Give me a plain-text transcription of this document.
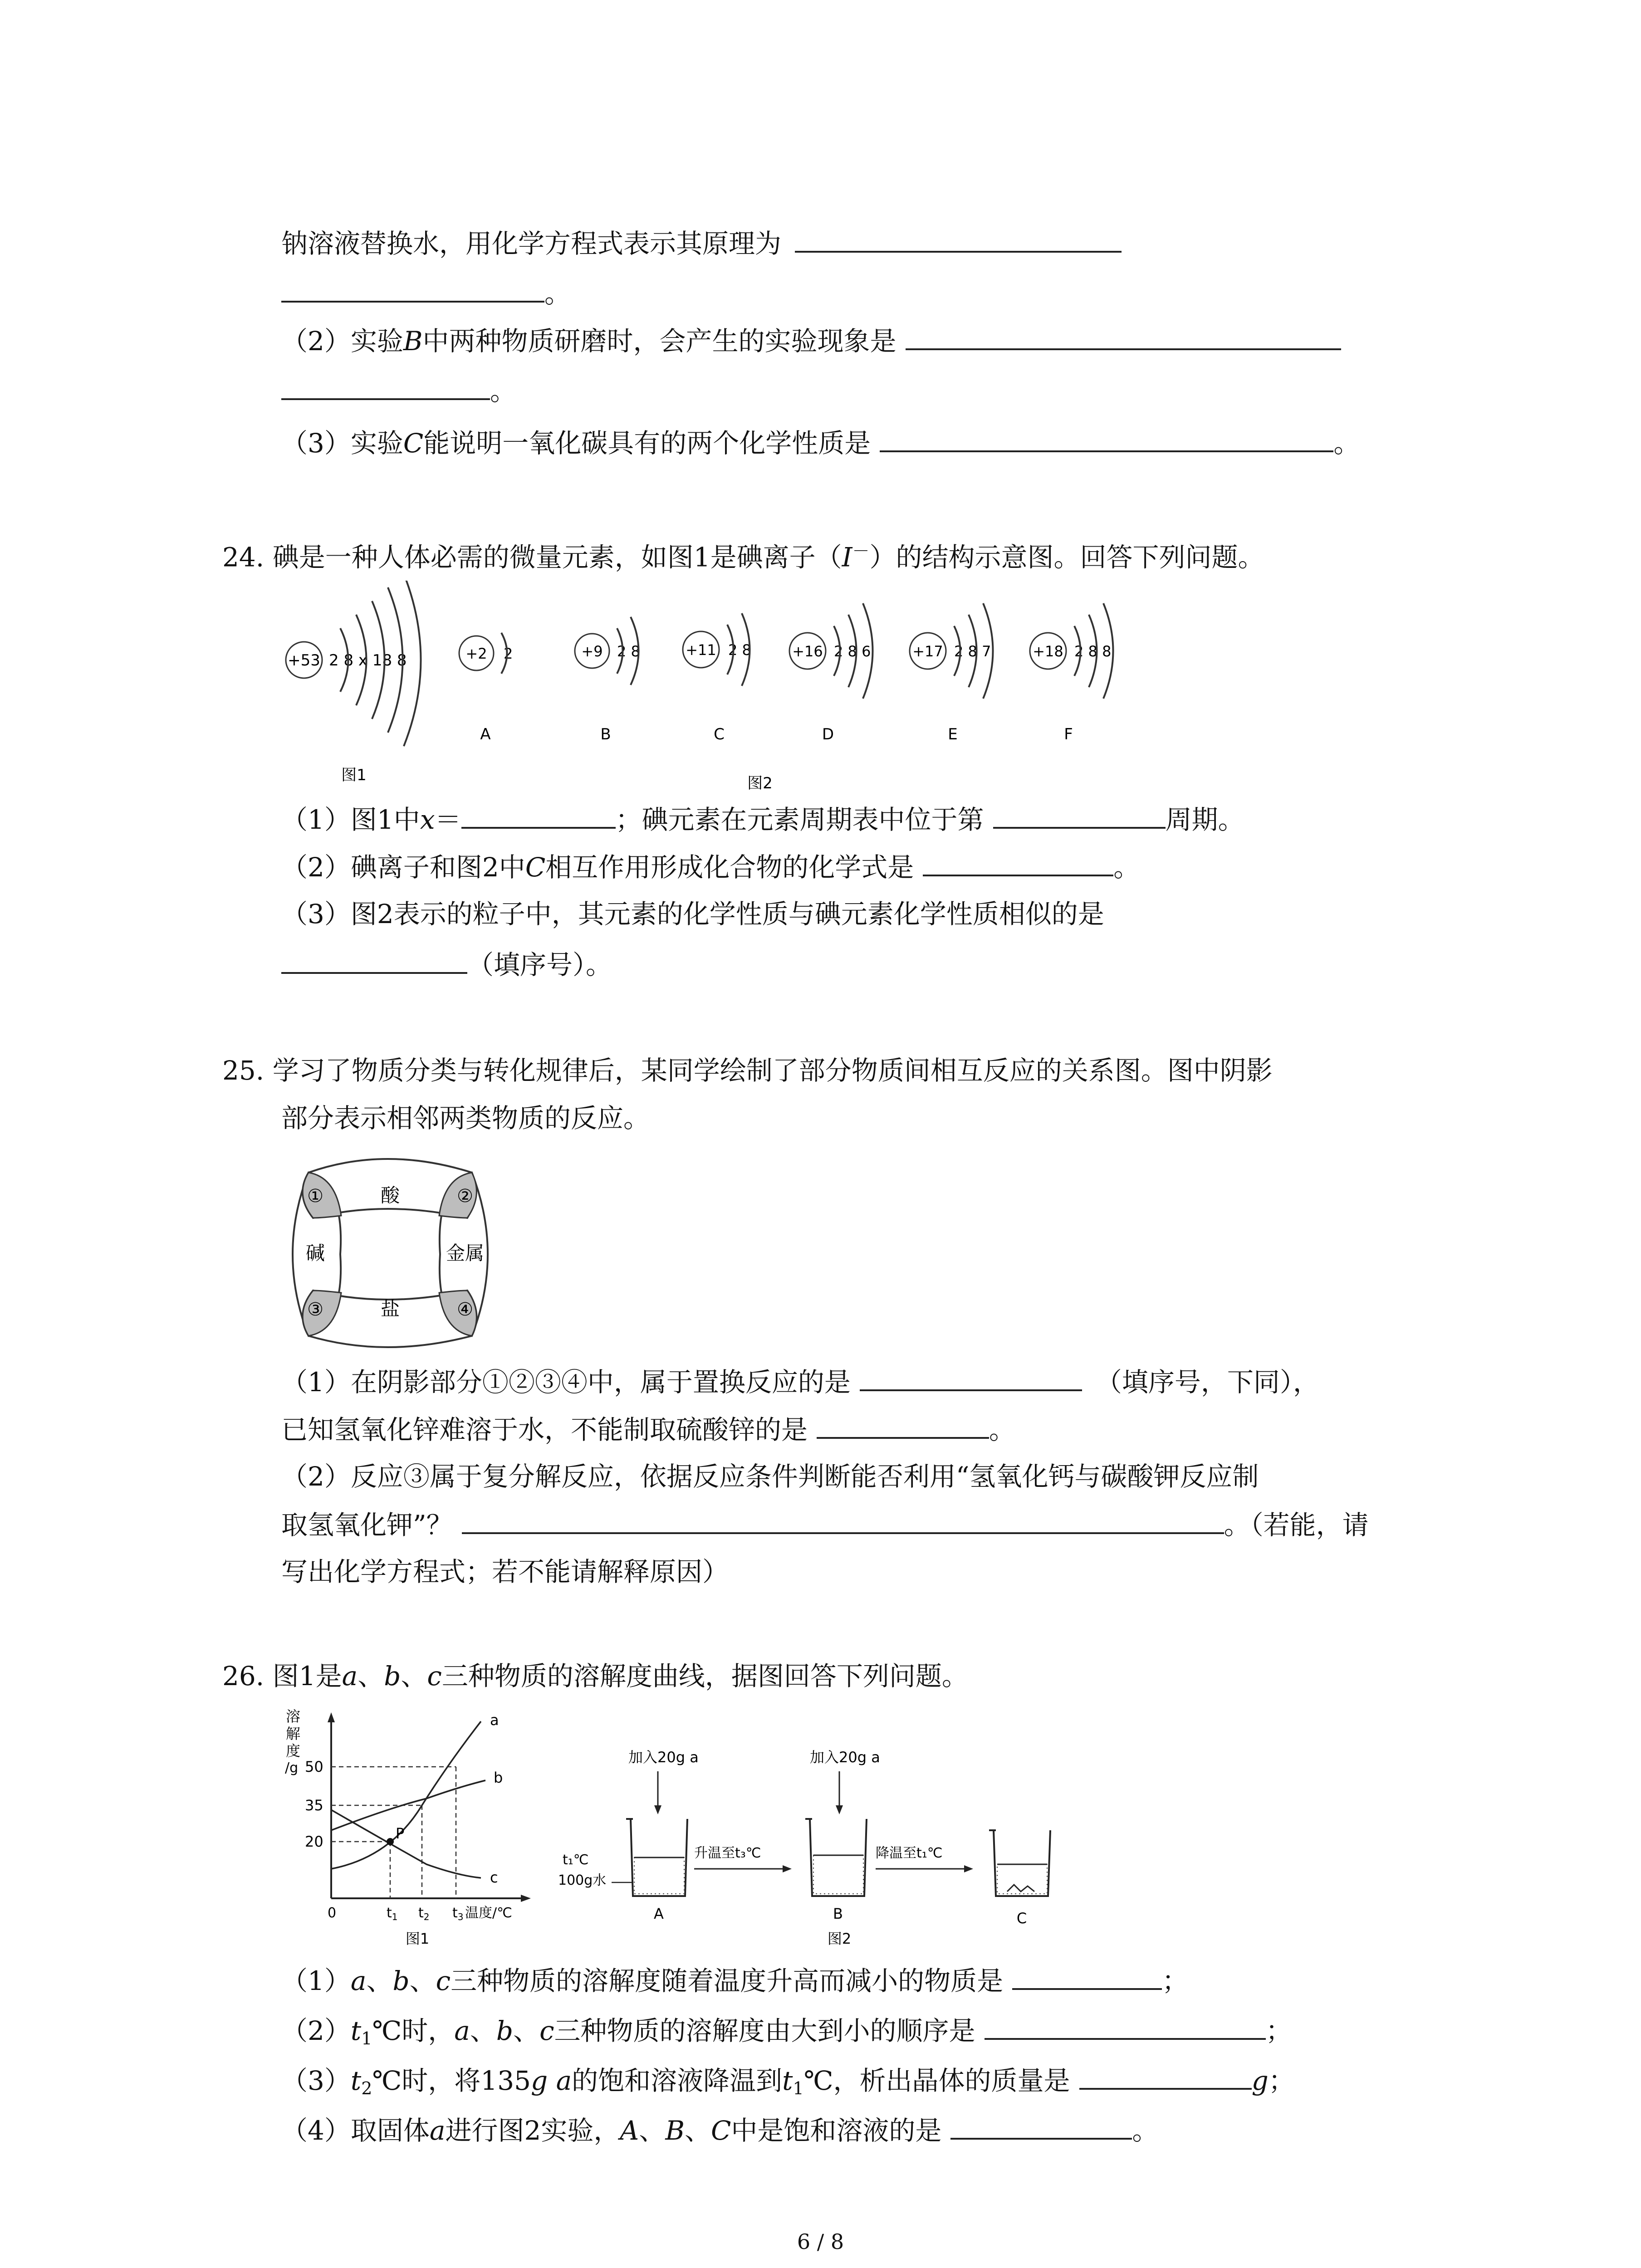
钠溶液替换水，用化学方程式表示其原理为
。
（2）实验B中两种物质研磨时，会产生的实验现象是
。
（3）实验C能说明一氧化碳具有的两个化学性质是	。
24. 碘是一种人体必需的微量元素，如图1是碘离子（I－）的结构示意图。回答下列问题。
+53 2 8 x 18 8
图1
+2 2
A
+9 2 8
B
+11 2 8
C
+16 2 8 6
D
+17 2 8 7
E
+18 2 8 8
F
图2
（1）图1中x＝	；碘元素在元素周期表中位于第	周期。
（2）碘离子和图2中C相互作用形成化合物的化学式是	。
（3）图2表示的粒子中，其元素的化学性质与碘元素化学性质相似的是
（填序号）。
25. 学习了物质分类与转化规律后，某同学绘制了部分物质间相互反应的关系图。图中阴影
部分表示相邻两类物质的反应。
①	②
③	④
酸
碱	金属
盐
（1）在阴影部分①②③④中，属于置换反应的是	（填序号，下同），
已知氢氧化锌难溶于水，不能制取硫酸锌的是	。
（2）反应③属于复分解反应，依据反应条件判断能否利用“氢氧化钙与碳酸钾反应制
取氢氧化钾”？	。（若能，请
写出化学方程式；若不能请解释原因）
26. 图1是a、b、c三种物质的溶解度曲线，据图回答下列问题。
溶
解
度
/g
P
a
b
c
50
35
20
0	$t_1$ $t_2$ $t_3$ 温度/℃
图1
加入20g a	加入20g a
A
t₁℃
100g水
升温至t₃℃
B
降温至t₁℃
C
图2
（1）a、b、c三种物质的溶解度随着温度升高而减小的物质是	；
$(2)t_1℃$时，a、b、c三种物质的溶解度由大到小的顺序是	；
$(3)t_2℃$时，将135g a的饱和溶液降温到$t_1℃$，析出晶体的质量是	g；
（4）取固体a进行图2实验，A、B、C中是饱和溶液的是	。
6 / 8
